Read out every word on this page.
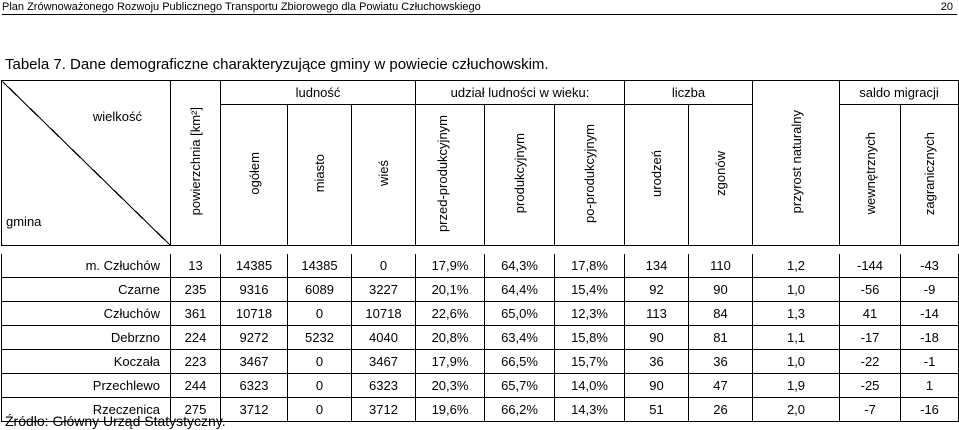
Plan Zrównoważonego Rozwoju Publicznego Transportu Zbiorowego dla Powiatu Człuchowskiego	20
Tabela 7. Dane demograficzne charakteryzujące gminy w powiecie człuchowskim.
wielkość
gmina	powierzchnia [km²]	ludność			udział ludności w wieku:			liczba		przyrost naturalny	saldo migracji	
		ogółem	miasto	wieś	przed-produkcyjnym	produkcyjnym	po-produkcyjnym	urodzeń	zgonów		wewnętrznych	zagranicznych

m. Człuchów	13	14385	14385	0	17,9%	64,3%	17,8%	134	110	1,2	-144	-43
Czarne	235	9316	6089	3227	20,1%	64,4%	15,4%	92	90	1,0	-56	-9
Człuchów	361	10718	0	10718	22,6%	65,0%	12,3%	113	84	1,3	41	-14
Debrzno	224	9272	5232	4040	20,8%	63,4%	15,8%	90	81	1,1	-17	-18
Koczała	223	3467	0	3467	17,9%	66,5%	15,7%	36	36	1,0	-22	-1
Przechlewo	244	6323	0	6323	20,3%	65,7%	14,0%	90	47	1,9	-25	1
Rzeczenica	275	3712	0	3712	19,6%	66,2%	14,3%	51	26	2,0	-7	-16
Źródło: Główny Urząd Statystyczny.
